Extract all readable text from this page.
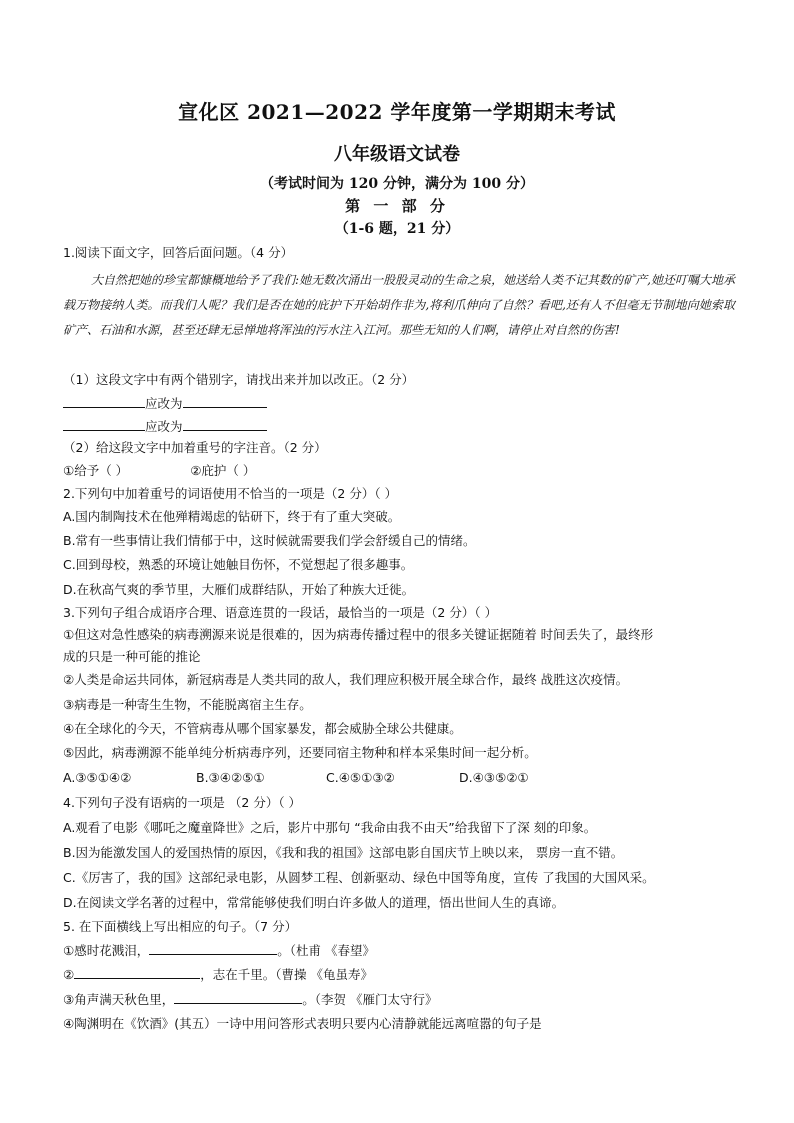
宣化区 2021—2022 学年度第一学期期末考试
八年级语文试卷
（考试时间为 120 分钟，满分为 100 分）
第 一 部 分
（1-6 题，21 分）
1.阅读下面文字，回答后面问题。（4 分）
大自然把她的珍宝都慷概地给予了我们:她无数次涌出一股股灵动的生命之泉，她送给人类不记其数的矿产,她还叮嘱大地承载万物接纳人类。而我们人呢？我们是否在她的庇护下开始胡作非为,将利爪伸向了自然？看吧,还有人不但毫无节制地向她索取矿产、石油和水源，甚至还肆无忌惮地将浑浊的污水注入江河。那些无知的人们啊，请停止对自然的伤害!
（1）这段文字中有两个错别字，请找出来并加以改正。（2 分）
应改为
应改为
（2）给这段文字中加着重号的字注音。（2 分）
①给予（ ）	②庇护（ ）
2.下列句中加着重号的词语使用不恰当的一项是（2 分）（ ）
A.国内制陶技术在他殚精竭虑的钻研下，终于有了重大突破。
B.常有一些事情让我们情郁于中，这时候就需要我们学会舒缓自己的情绪。
C.回到母校，熟悉的环境让她触目伤怀，不觉想起了很多趣事。
D.在秋高气爽的季节里，大雁们成群结队，开始了种族大迁徙。
3.下列句子组合成语序合理、语意连贯的一段话，最恰当的一项是（2 分）（ ）
①但这对急性感染的病毒溯源来说是很难的，因为病毒传播过程中的很多关键证据随着 时间丢失了，最终形
成的只是一种可能的推论
②人类是命运共同体，新冠病毒是人类共同的敌人，我们理应积极开展全球合作，最终 战胜这次疫情。
③病毒是一种寄生生物，不能脱离宿主生存。
④在全球化的今天，不管病毒从哪个国家暴发，都会威胁全球公共健康。
⑤因此，病毒溯源不能单纯分析病毒序列，还要同宿主物种和样本采集时间一起分析。
A.③⑤①④②	B.③④②⑤①	C.④⑤①③②	D.④③⑤②①
4.下列句子没有语病的一项是 （2 分）（ ）
A.观看了电影《哪吒之魔童降世》之后，影片中那句 “我命由我不由天”给我留下了深 刻的印象。
B.因为能激发国人的爱国热情的原因，《我和我的祖国》这部电影自国庆节上映以来， 票房一直不错。
C.《厉害了，我的国》这部纪录电影，从圆梦工程、创新驱动、绿色中国等角度，宣传 了我国的大国风采。
D.在阅读文学名著的过程中，常常能够使我们明白许多做人的道理，悟出世间人生的真谛。
5. 在下面横线上写出相应的句子。（7 分）
①感时花溅泪，	。（杜甫 《春望》
②	，志在千里。（曹操 《龟虽寿》
③角声满天秋色里，	。（李贺 《雁门太守行》
④陶渊明在《饮酒》(其五）一诗中用问答形式表明只要内心清静就能远离喧嚣的句子是
